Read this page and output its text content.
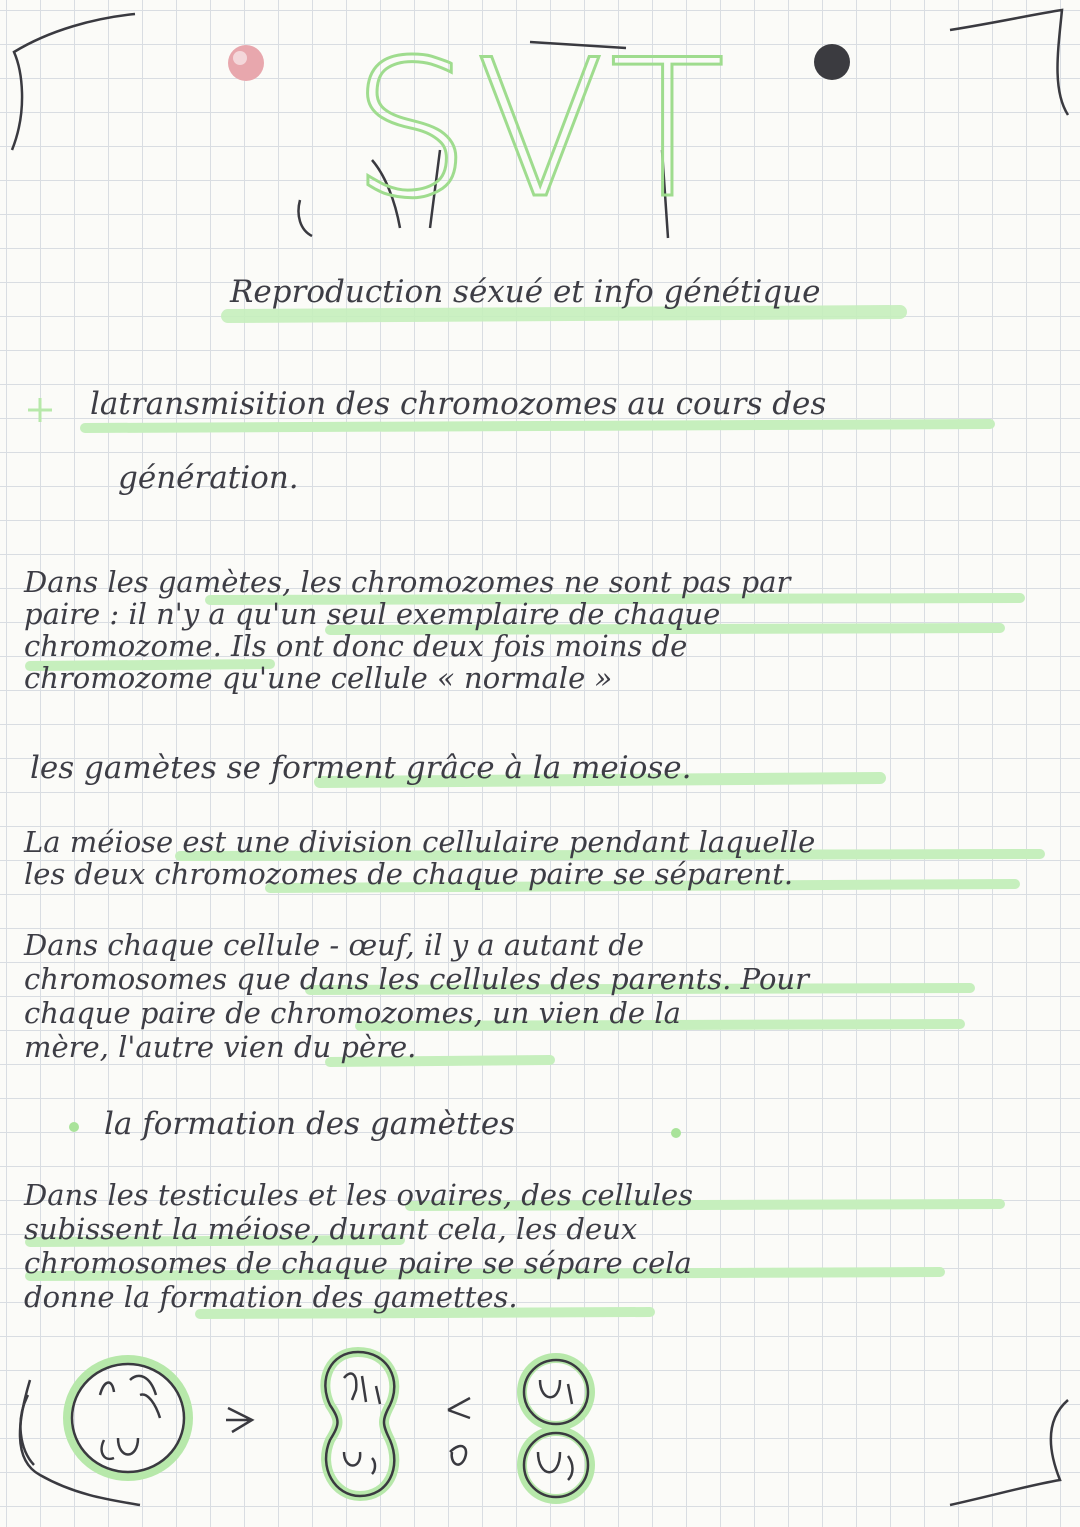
SVT
Reproduction séxué et info génétique
latransmisition des chromozomes au cours des
génération.
Dans les gamètes, les chromozomes ne sont pas par
paire : il n'y a qu'un seul exemplaire de chaque
chromozome. Ils ont donc deux fois moins de
chromozome qu'une cellule « normale »
les gamètes se forment grâce à la meiose.
La méiose est une division cellulaire pendant laquelle
les deux chromozomes de chaque paire se séparent.
Dans chaque cellule - œuf, il y a autant de
chromosomes que dans les cellules des parents. Pour
chaque paire de chromozomes, un vien de la
mère, l'autre vien du père.
la formation des gamèttes
Dans les testicules et les ovaires, des cellules
subissent la méiose, durant cela, les deux
chromosomes de chaque paire se sépare cela
donne la formation des gamettes.
